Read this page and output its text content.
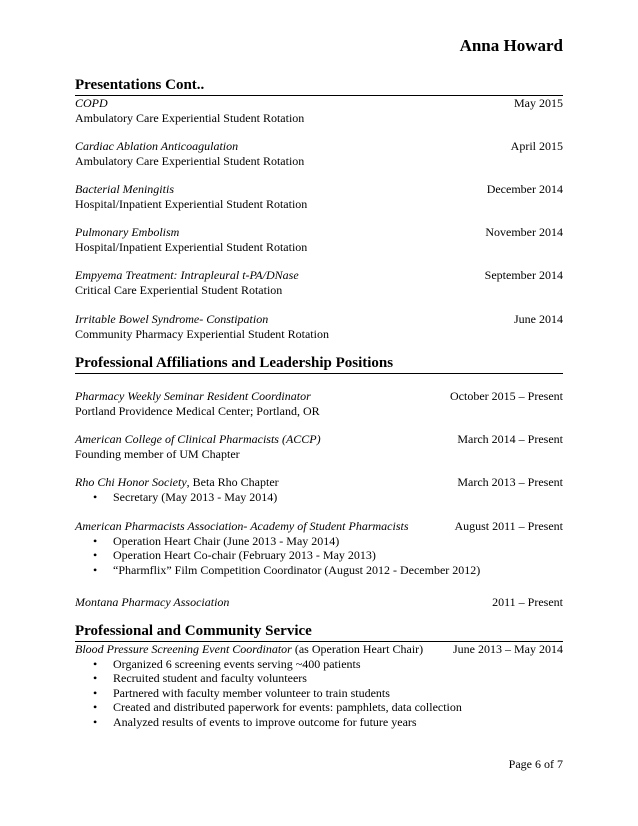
Anna Howard
Presentations Cont..
COPD	May 2015
Ambulatory Care Experiential Student Rotation
Cardiac Ablation Anticoagulation	April 2015
Ambulatory Care Experiential Student Rotation
Bacterial Meningitis	December 2014
Hospital/Inpatient Experiential Student Rotation
Pulmonary Embolism	November 2014
Hospital/Inpatient Experiential Student Rotation
Empyema Treatment: Intrapleural t-PA/DNase	September 2014
Critical Care Experiential Student Rotation
Irritable Bowel Syndrome- Constipation	June 2014
Community Pharmacy Experiential Student Rotation
Professional Affiliations and Leadership Positions
Pharmacy Weekly Seminar Resident Coordinator	October 2015 – Present
Portland Providence Medical Center; Portland, OR
American College of Clinical Pharmacists (ACCP)	March 2014 – Present
Founding member of UM Chapter
Rho Chi Honor Society, Beta Rho Chapter	March 2013 – Present
• Secretary (May 2013 - May 2014)
American Pharmacists Association- Academy of Student Pharmacists	August 2011 – Present
• Operation Heart Chair (June 2013 - May 2014)
• Operation Heart Co-chair (February 2013 - May 2013)
• “Pharmflix” Film Competition Coordinator (August 2012 - December 2012)
Montana Pharmacy Association	2011 – Present
Professional and Community Service
Blood Pressure Screening Event Coordinator (as Operation Heart Chair) June 2013 – May 2014
• Organized 6 screening events serving ~400 patients
• Recruited student and faculty volunteers
• Partnered with faculty member volunteer to train students
• Created and distributed paperwork for events: pamphlets, data collection
• Analyzed results of events to improve outcome for future years
Page 6 of 7
